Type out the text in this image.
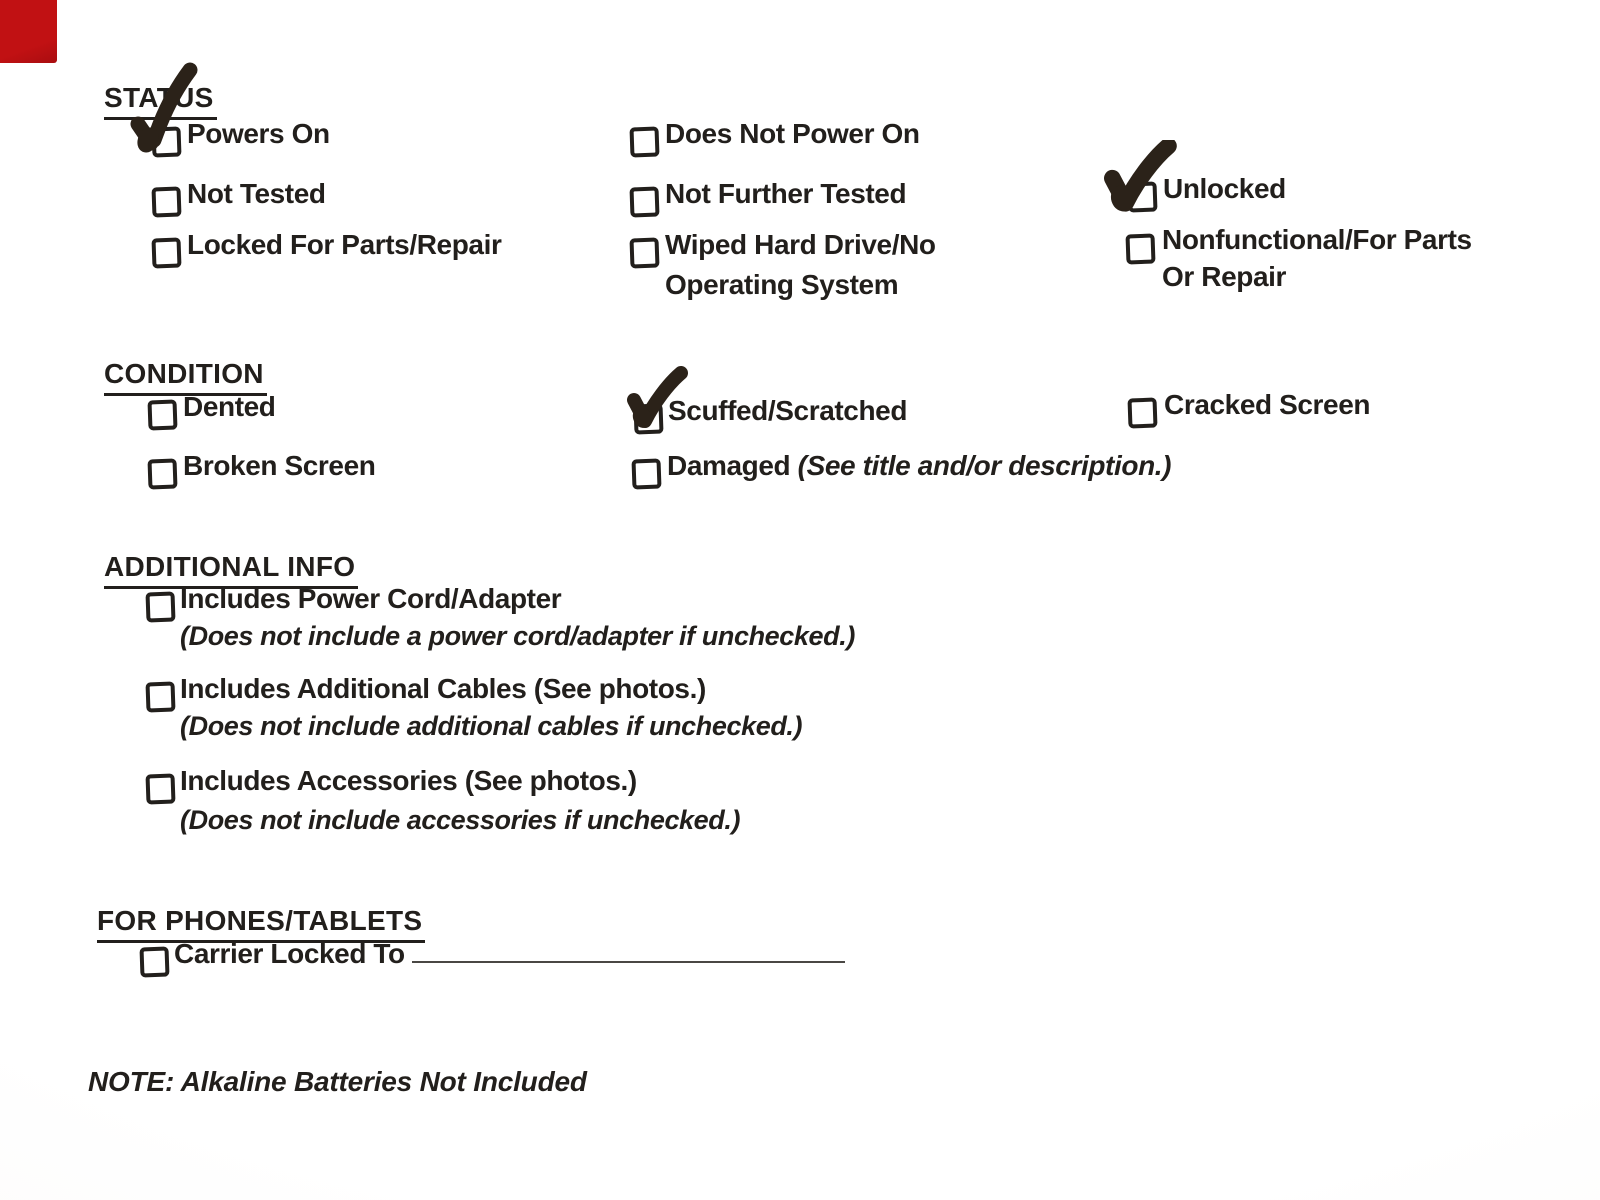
STATUS
Powers On
Not Tested
Locked For Parts/Repair
Does Not Power On
Not Further Tested
Wiped Hard Drive/No Operating System
Unlocked
Nonfunctional/For Parts Or Repair
CONDITION
Dented
Broken Screen
Scuffed/Scratched
Damaged (See title and/or description.)
Cracked Screen
ADDITIONAL INFO
Includes Power Cord/Adapter
(Does not include a power cord/adapter if unchecked.)
Includes Additional Cables (See photos.)
(Does not include additional cables if unchecked.)
Includes Accessories (See photos.)
(Does not include accessories if unchecked.)
FOR PHONES/TABLETS
Carrier Locked To
NOTE: Alkaline Batteries Not Included
